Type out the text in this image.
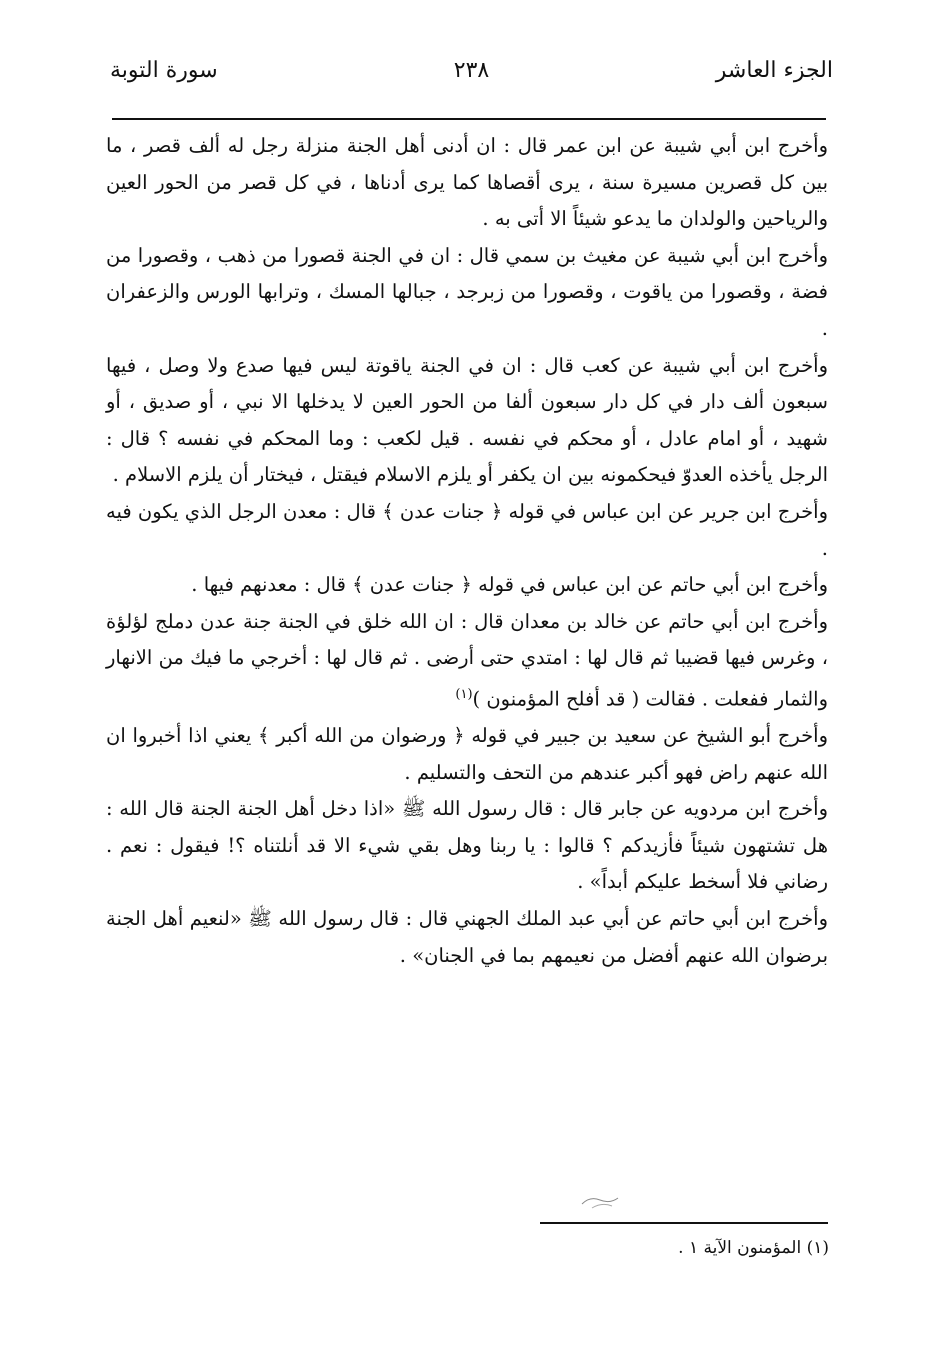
الجزء العاشر
٢٣٨
سورة التوبة

وأخرج ابن أبي شيبة عن ابن عمر قال : ان أدنى أهل الجنة منزلة رجل له ألف قصر ، ما بين كل قصرين مسيرة سنة ، يرى أقصاها كما يرى أدناها ، في كل قصر من الحور العين والرياحين والولدان ما يدعو شيئاً الا أتى به .

وأخرج ابن أبي شيبة عن مغيث بن سمي قال : ان في الجنة قصورا من ذهب ، وقصورا من فضة ، وقصورا من ياقوت ، وقصورا من زبرجد ، جبالها المسك ، وترابها الورس والزعفران .

وأخرج ابن أبي شيبة عن كعب قال : ان في الجنة ياقوتة ليس فيها صدع ولا وصل ، فيها سبعون ألف دار في كل دار سبعون ألفا من الحور العين لا يدخلها الا نبي ، أو صديق ، أو شهيد ، أو امام عادل ، أو محكم في نفسه . قيل لكعب : وما المحكم في نفسه ؟ قال : الرجل يأخذه العدوّ فيحكمونه بين ان يكفر أو يلزم الاسلام فيقتل ، فيختار أن يلزم الاسلام .

وأخرج ابن جرير عن ابن عباس في قوله ﴿ جنات عدن ﴾ قال : معدن الرجل الذي يكون فيه .

وأخرج ابن أبي حاتم عن ابن عباس في قوله ﴿ جنات عدن ﴾ قال : معدنهم فيها .

وأخرج ابن أبي حاتم عن خالد بن معدان قال : ان الله خلق في الجنة جنة عدن دملج لؤلؤة ، وغرس فيها قضيبا ثم قال لها : امتدي حتى أرضى . ثم قال لها : أخرجي ما فيك من الانهار والثمار ففعلت . فقالت ( قد أفلح المؤمنون )$^{(١)}$

وأخرج أبو الشيخ عن سعيد بن جبير في قوله ﴿ ورضوان من الله أكبر ﴾ يعني اذا أخبروا ان الله عنهم راض فهو أكبر عندهم من التحف والتسليم .

وأخرج ابن مردويه عن جابر قال : قال رسول الله ﷺ «اذا دخل أهل الجنة الجنة قال الله : هل تشتهون شيئاً فأزيدكم ؟ قالوا : يا ربنا وهل بقي شيء الا قد أنلتناه ؟! فيقول : نعم . رضاني فلا أسخط عليكم أبداً» .

وأخرج ابن أبي حاتم عن أبي عبد الملك الجهني قال : قال رسول الله ﷺ «لنعيم أهل الجنة برضوان الله عنهم أفضل من نعيمهم بما في الجنان» .

(١) المؤمنون الآية ١ .
